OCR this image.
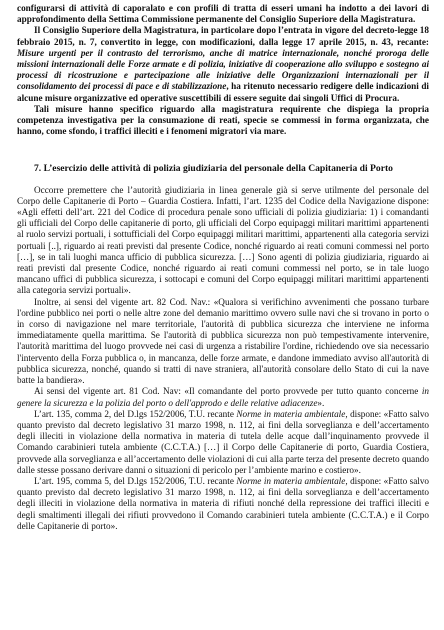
configurarsi di attività di caporalato e con profili di tratta di esseri umani ha indotto a dei lavori di approfondimento della Settima Commissione permanente del Consiglio Superiore della Magistratura.

Il Consiglio Superiore della Magistratura, in particolare dopo l’entrata in vigore del decreto-legge 18 febbraio 2015, n. 7, convertito in legge, con modificazioni, dalla legge 17 aprile 2015, n. 43, recante: Misure urgenti per il contrasto del terrorismo, anche di matrice internazionale, nonché proroga delle missioni internazionali delle Forze armate e di polizia, iniziative di cooperazione allo sviluppo e sostegno ai processi di ricostruzione e partecipazione alle iniziative delle Organizzazioni internazionali per il consolidamento dei processi di pace e di stabilizzazione, ha ritenuto necessario redigere delle indicazioni di alcune misure organizzative ed operative suscettibili di essere seguite dai singoli Uffici di Procura.

Tali misure hanno specifico riguardo alla magistratura requirente che dispiega la propria competenza investigativa per la consumazione di reati, specie se commessi in forma organizzata, che hanno, come sfondo, i traffici illeciti e i fenomeni migratori via mare.

7. L’esercizio delle attività di polizia giudiziaria del personale della Capitaneria di Porto

Occorre premettere che l’autorità giudiziaria in linea generale già si serve utilmente del personale del Corpo delle Capitanerie di Porto – Guardia Costiera. Infatti, l’art. 1235 del Codice della Navigazione dispone: «Agli effetti dell’art. 221 del Codice di procedura penale sono ufficiali di polizia giudiziaria: 1) i comandanti gli ufficiali del Corpo delle capitanerie di porto, gli ufficiali del Corpo equipaggi militari marittimi appartenenti al ruolo servizi portuali, i sottufficiali del Corpo equipaggi militari marittimi, appartenenti alla categoria servizi portuali [..], riguardo ai reati previsti dal presente Codice, nonché riguardo ai reati comuni commessi nel porto […], se in tali luoghi manca ufficio di pubblica sicurezza. […] Sono agenti di polizia giudiziaria, riguardo ai reati previsti dal presente Codice, nonché riguardo ai reati comuni commessi nel porto, se in tale luogo mancano uffici di pubblica sicurezza, i sottocapi e comuni del Corpo equipaggi militari marittimi appartenenti alla categoria servizi portuali».

Inoltre, ai sensi del vigente art. 82 Cod. Nav.: «Qualora si verifichino avvenimenti che possano turbare l'ordine pubblico nei porti o nelle altre zone del demanio marittimo ovvero sulle navi che si trovano in porto o in corso di navigazione nel mare territoriale, l'autorità di pubblica sicurezza che interviene ne informa immediatamente quella marittima. Se l'autorità di pubblica sicurezza non può tempestivamente intervenire, l'autorità marittima del luogo provvede nei casi di urgenza a ristabilire l'ordine, richiedendo ove sia necessario l'intervento della Forza pubblica o, in mancanza, delle forze armate, e dandone immediato avviso all'autorità di pubblica sicurezza, nonché, quando si tratti di nave straniera, all'autorità consolare dello Stato di cui la nave batte la bandiera».

Ai sensi del vigente art. 81 Cod. Nav: «Il comandante del porto provvede per tutto quanto concerne in genere la sicurezza e la polizia del porto o dell'approdo e delle relative adiacenze».

L’art. 135, comma 2, del D.lgs 152/2006, T.U. recante Norme in materia ambientale, dispone: «Fatto salvo quanto previsto dal decreto legislativo 31 marzo 1998, n. 112, ai fini della sorveglianza e dell’accertamento degli illeciti in violazione della normativa in materia di tutela delle acque dall’inquinamento provvede il Comando carabinieri tutela ambiente (C.C.T.A.) […] il Corpo delle Capitanerie di porto, Guardia Costiera, provvede alla sorveglianza e all’accertamento delle violazioni di cui alla parte terza del presente decreto quando dalle stesse possano derivare danni o situazioni di pericolo per l’ambiente marino e costiero».

L’art. 195, comma 5, del D.lgs 152/2006, T.U. recante Norme in materia ambientale, dispone: «Fatto salvo quanto previsto dal decreto legislativo 31 marzo 1998, n. 112, ai fini della sorveglianza e dell’accertamento degli illeciti in violazione della normativa in materia di rifiuti nonché della repressione dei traffici illeciti e degli smaltimenti illegali dei rifiuti provvedono il Comando carabinieri tutela ambiente (C.C.T.A.) e il Corpo delle Capitanerie di porto».
